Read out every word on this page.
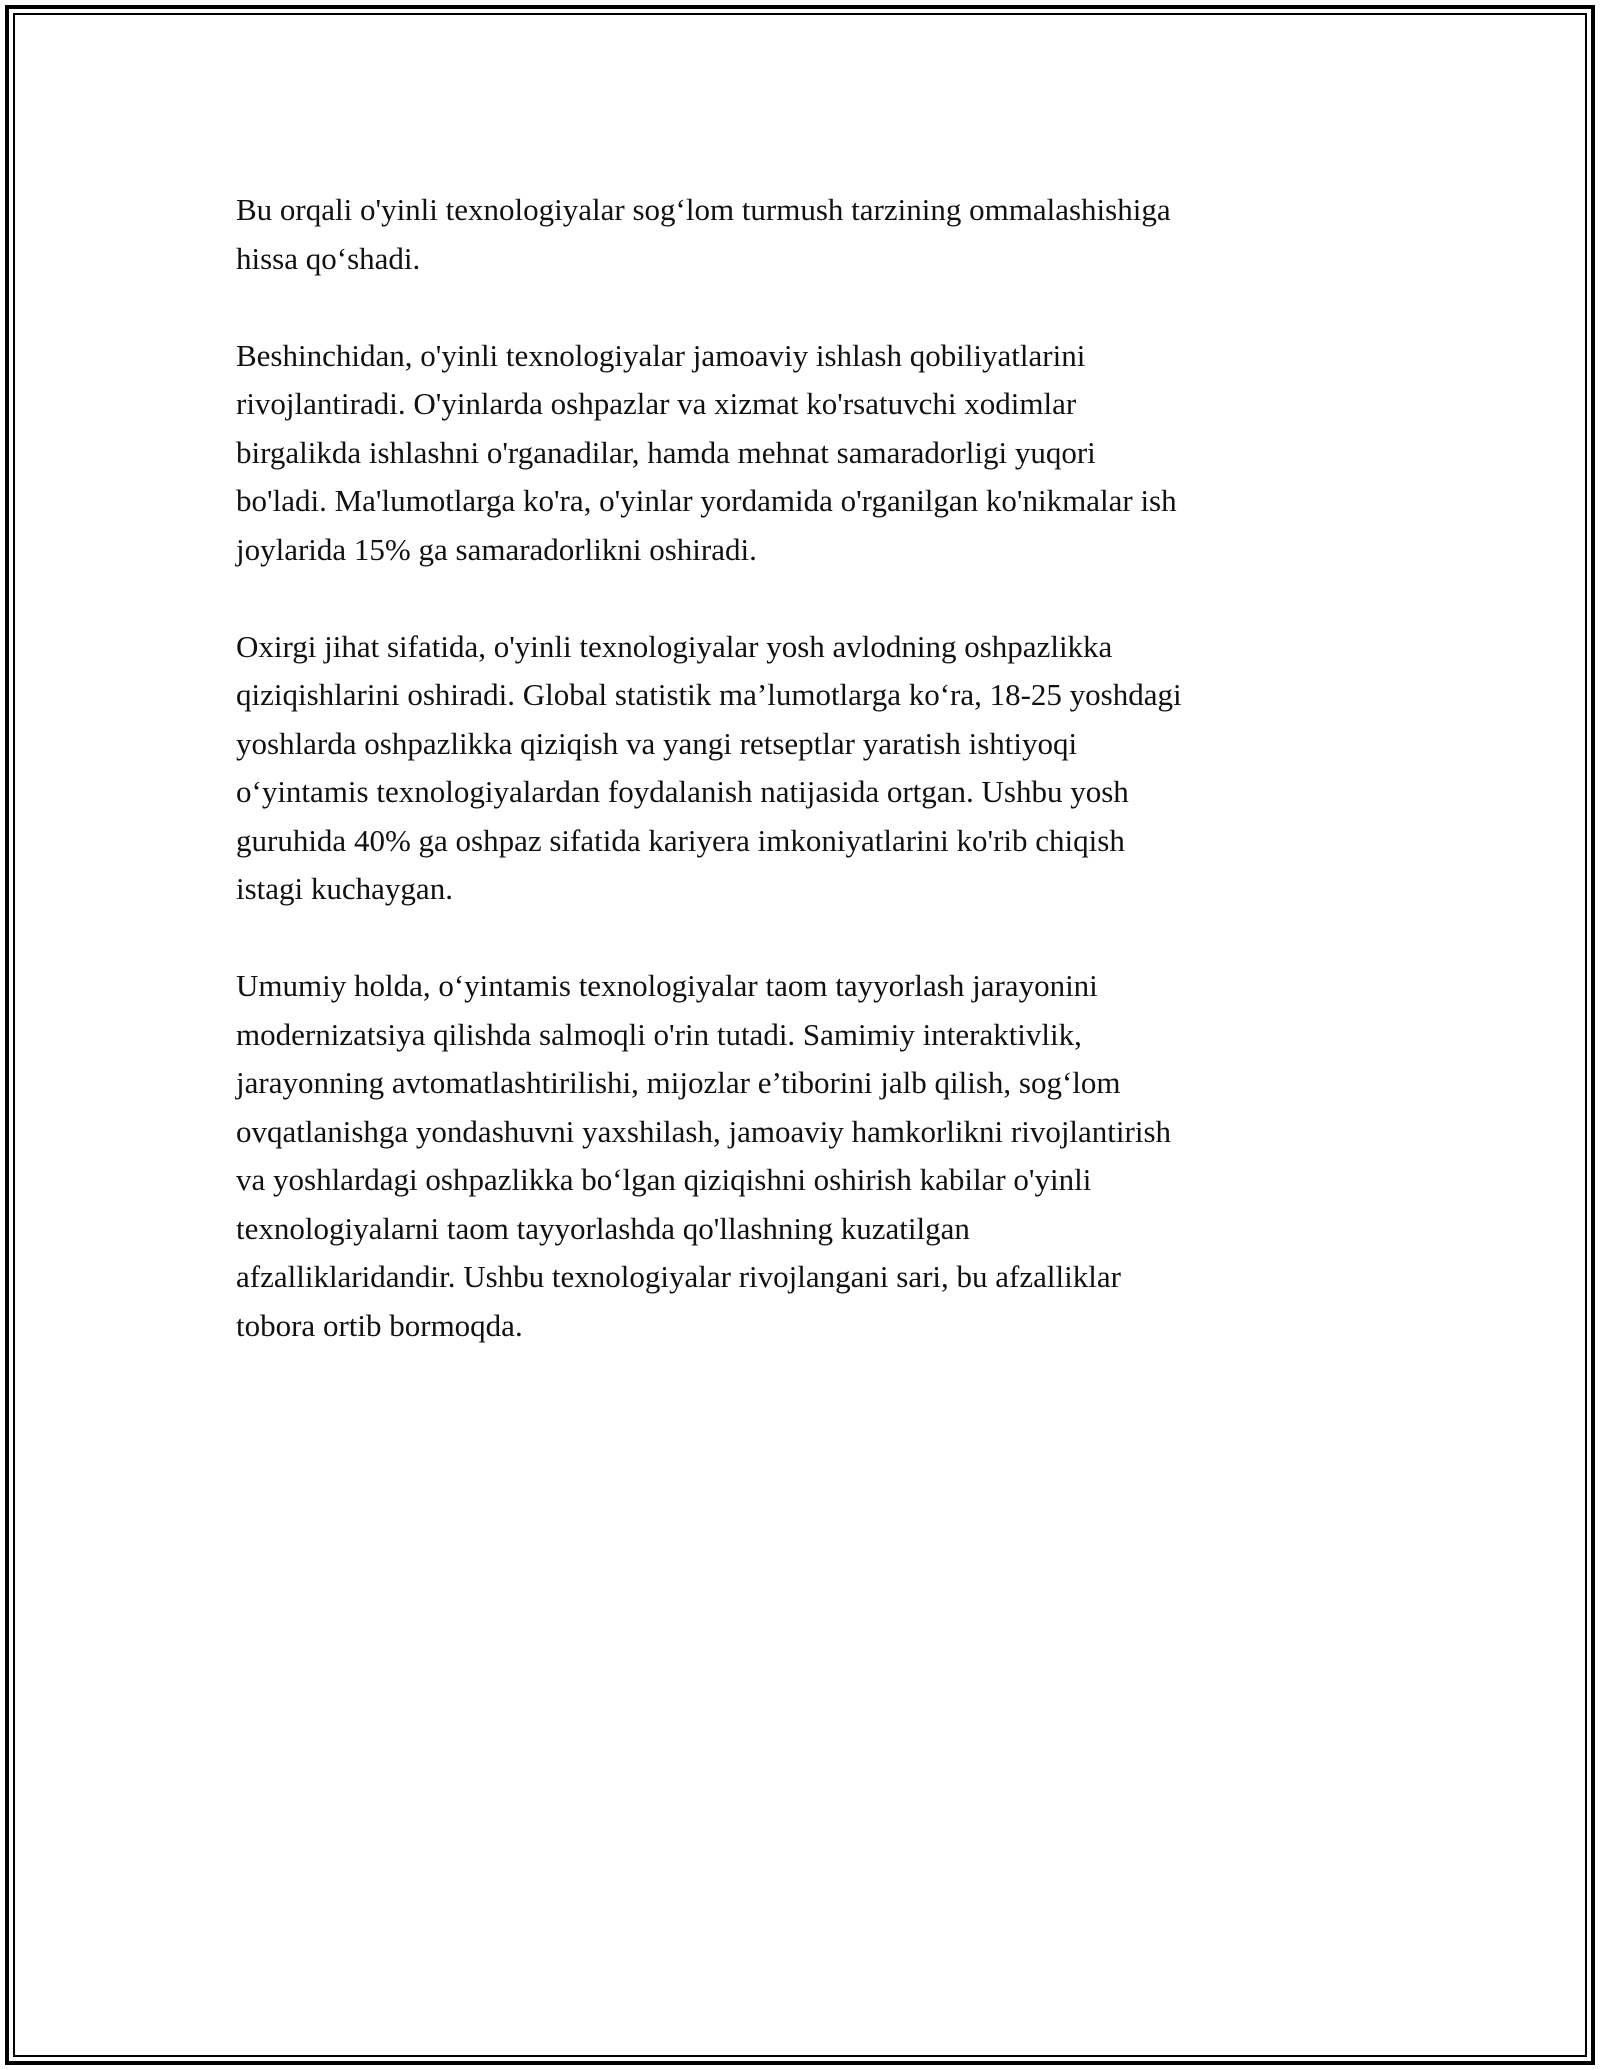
Bu orqali o'yinli texnologiyalar sog‘lom turmush tarzining ommalashishiga
hissa qo‘shadi.

Beshinchidan, o'yinli texnologiyalar jamoaviy ishlash qobiliyatlarini
rivojlantiradi. O'yinlarda oshpazlar va xizmat ko'rsatuvchi xodimlar
birgalikda ishlashni o'rganadilar, hamda mehnat samaradorligi yuqori
bo'ladi. Ma'lumotlarga ko'ra, o'yinlar yordamida o'rganilgan ko'nikmalar ish
joylarida 15% ga samaradorlikni oshiradi.

Oxirgi jihat sifatida, o'yinli texnologiyalar yosh avlodning oshpazlikka
qiziqishlarini oshiradi. Global statistik ma’lumotlarga ko‘ra, 18-25 yoshdagi
yoshlarda oshpazlikka qiziqish va yangi retseptlar yaratish ishtiyoqi
o‘yintamis texnologiyalardan foydalanish natijasida ortgan. Ushbu yosh
guruhida 40% ga oshpaz sifatida kariyera imkoniyatlarini ko'rib chiqish
istagi kuchaygan.

Umumiy holda, o‘yintamis texnologiyalar taom tayyorlash jarayonini
modernizatsiya qilishda salmoqli o'rin tutadi. Samimiy interaktivlik,
jarayonning avtomatlashtirilishi, mijozlar e’tiborini jalb qilish, sog‘lom
ovqatlanishga yondashuvni yaxshilash, jamoaviy hamkorlikni rivojlantirish
va yoshlardagi oshpazlikka bo‘lgan qiziqishni oshirish kabilar o'yinli
texnologiyalarni taom tayyorlashda qo'llashning kuzatilgan
afzalliklaridandir. Ushbu texnologiyalar rivojlangani sari, bu afzalliklar
tobora ortib bormoqda.
